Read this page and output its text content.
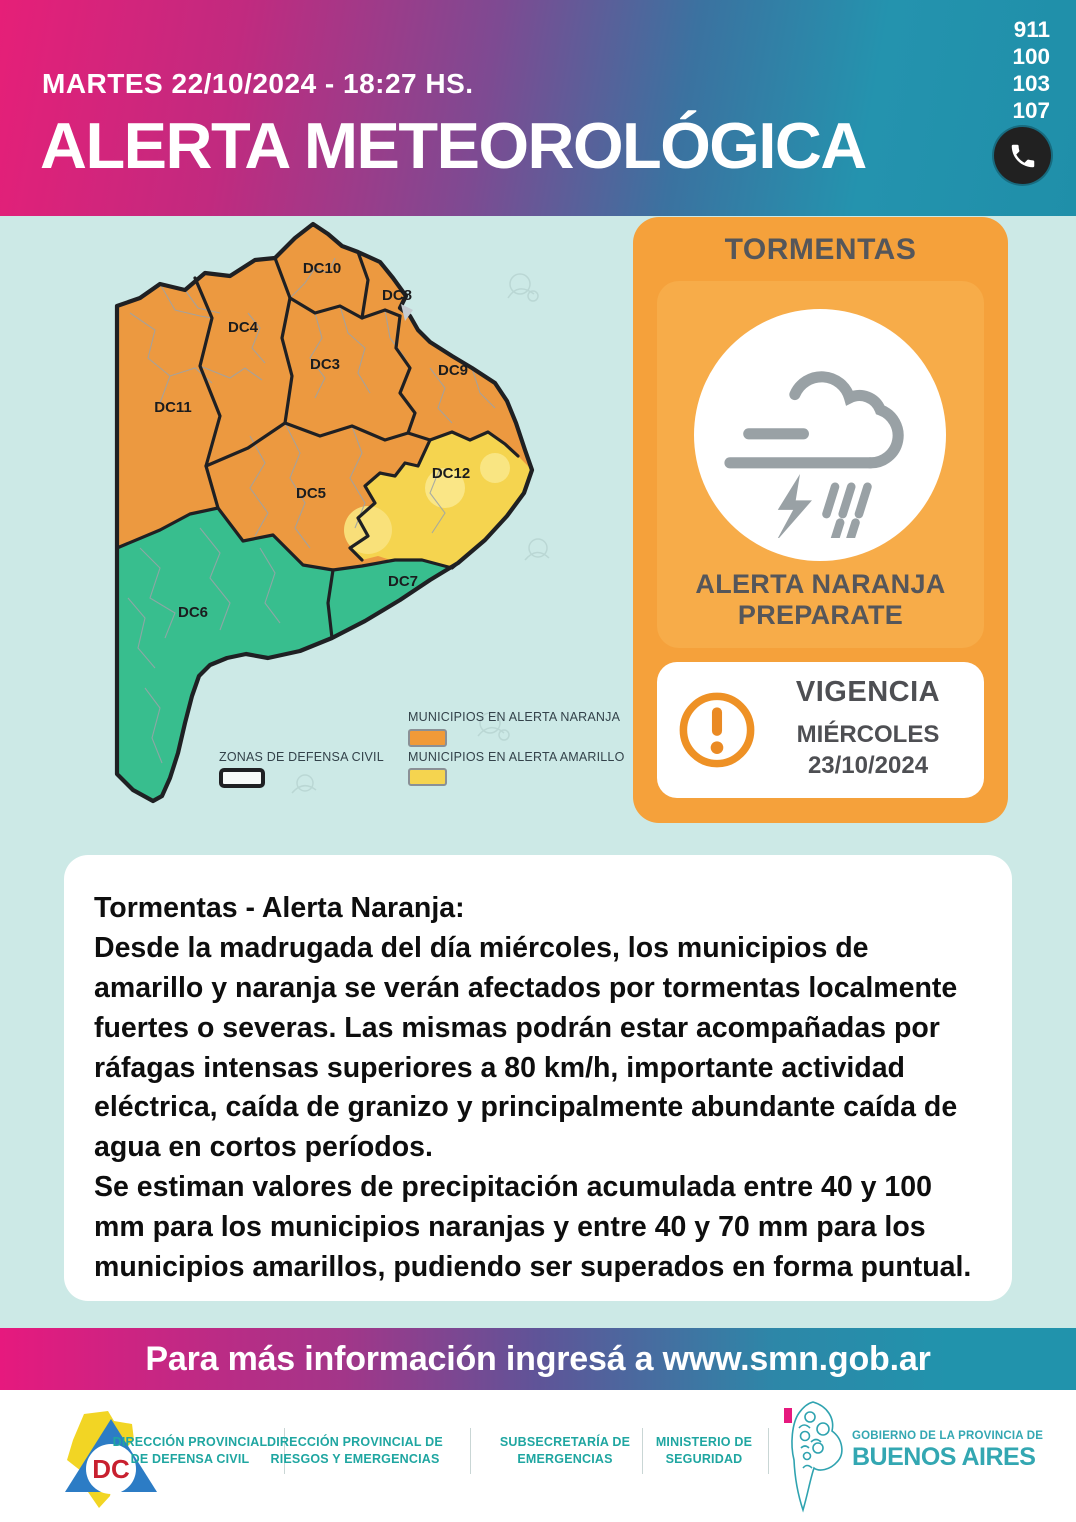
MARTES 22/10/2024 - 18:27 HS.
ALERTA METEOROLÓGICA
911
100
103
107
DC10
DC8
DC4
DC3	DC9
DC11
DC12
DC5
DC7
DC6
MUNICIPIOS EN ALERTA NARANJA
ZONAS DE DEFENSA CIVIL MUNICIPIOS EN ALERTA AMARILLO
TORMENTAS
ALERTA NARANJA
PREPARATE
VIGENCIA
MIÉRCOLES
23/10/2024

Tormentas - Alerta Naranja:

Desde la madrugada del día miércoles, los municipios de amarillo y naranja se verán afectados por tormentas localmente fuertes o severas. Las mismas podrán estar acompañadas por ráfagas intensas superiores a 80 km/h, importante actividad eléctrica, caída de granizo y principalmente abundante caída de agua en cortos períodos.

Se estiman valores de precipitación acumulada entre 40 y 100 mm para los municipios naranjas y entre 40 y 70 mm para los municipios amarillos, pudiendo ser superados en forma puntual.

Para más información ingresá a www.smn.gob.ar
DC
DIRECCIÓN PROVINCIAL
DE DEFENSA CIVIL
DIRECCIÓN PROVINCIAL DE
RIESGOS Y EMERGENCIAS
SUBSECRETARÍA DE
EMERGENCIAS
MINISTERIO DE
SEGURIDAD
GOBIERNO DE LA PROVINCIA DE
BUENOS AIRES
